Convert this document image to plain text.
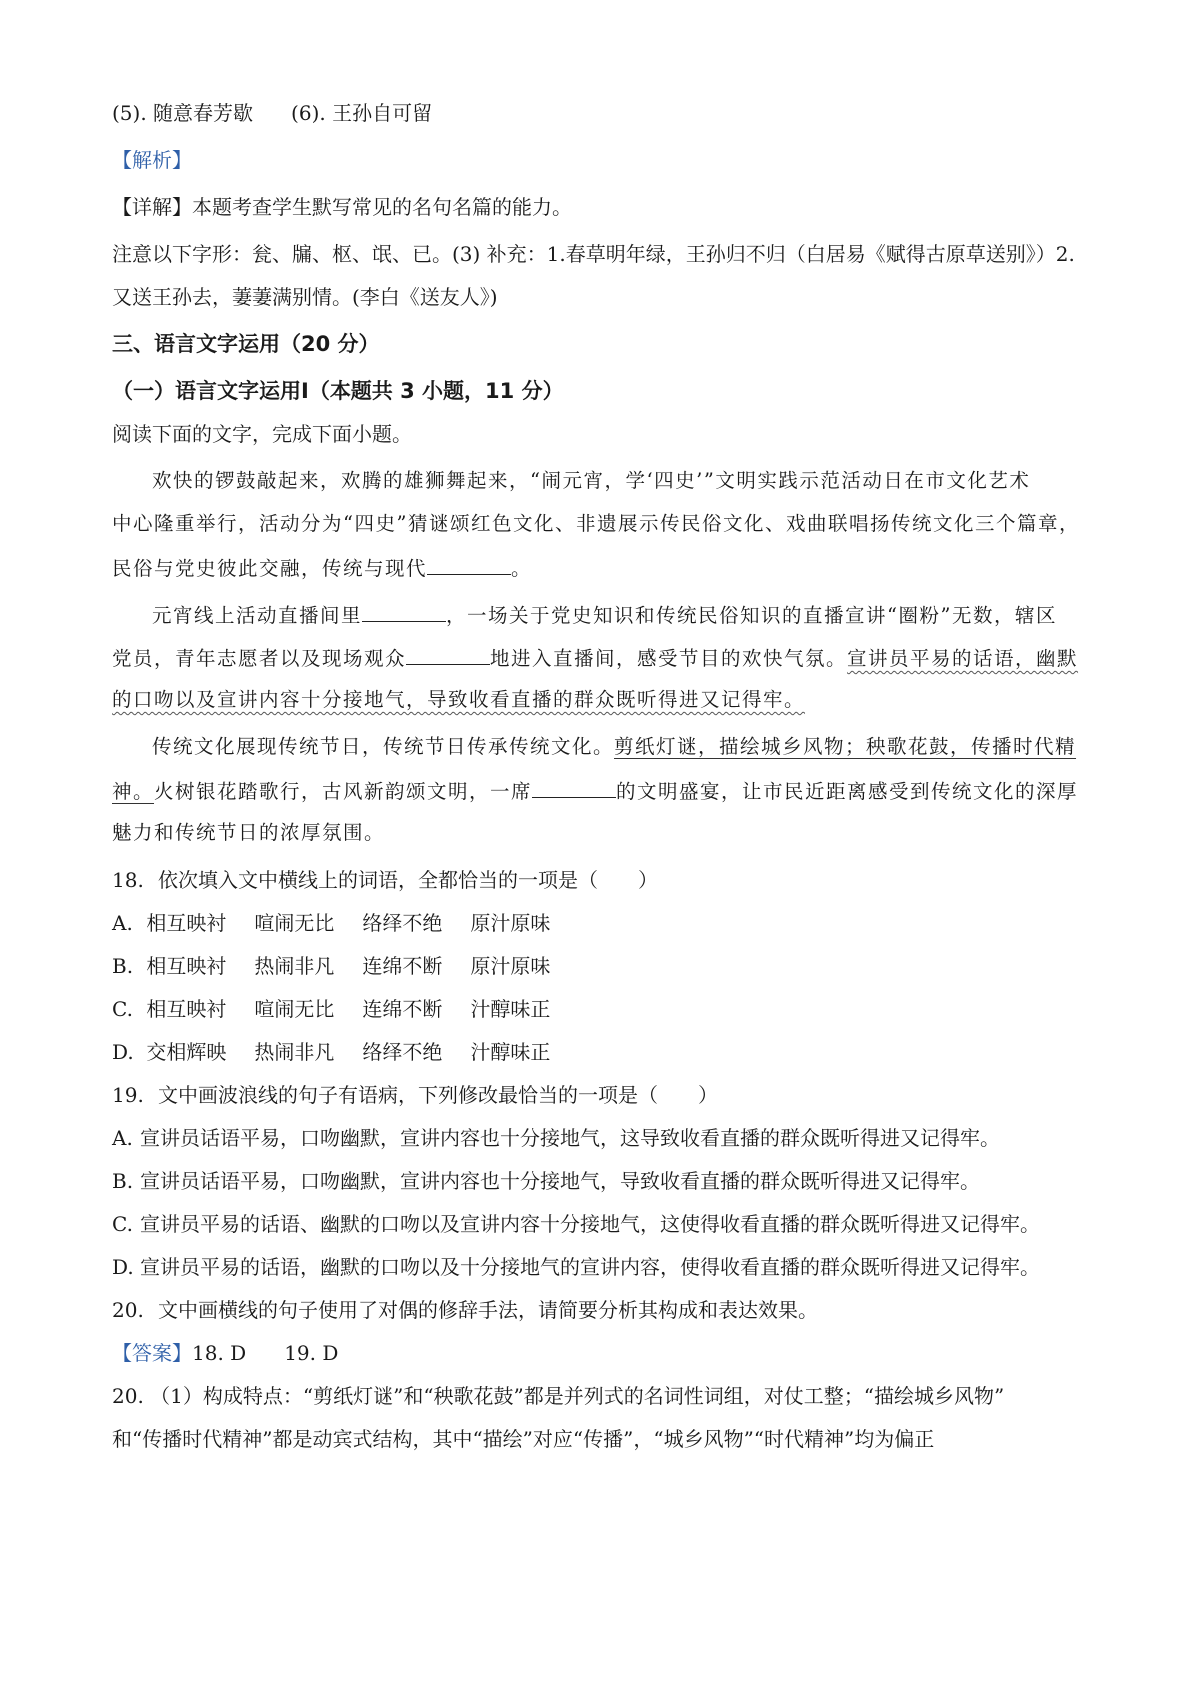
(5). 随意春芳歇 (6). 王孙自可留
【解析】
【详解】本题考查学生默写常见的名句名篇的能力。
注意以下字形：瓮、牖、枢、氓、已。(3) 补充：1.春草明年绿，王孙归不归（白居易《赋得古原草送别》）2.
又送王孙去，萋萋满别情。(李白《送友人》)
三、语言文字运用（20 分）
（一）语言文字运用Ⅰ（本题共 3 小题，11 分）
阅读下面的文字，完成下面小题。
欢快的锣鼓敲起来，欢腾的雄狮舞起来，“闹元宵，学‘四史’”文明实践示范活动日在市文化艺术
中心隆重举行，活动分为“四史”猜谜颂红色文化、非遗展示传民俗文化、戏曲联唱扬传统文化三个篇章，
民俗与党史彼此交融，传统与现代	。
元宵线上活动直播间里	，一场关于党史知识和传统民俗知识的直播宣讲“圈粉”无数，辖区
党员，青年志愿者以及现场观众	地进入直播间，感受节目的欢快气氛。宣讲员平易的话语，幽默
的口吻以及宣讲内容十分接地气，导致收看直播的群众既听得进又记得牢。
传统文化展现传统节日，传统节日传承传统文化。剪纸灯谜，描绘城乡风物；秧歌花鼓，传播时代精
神。火树银花踏歌行，古风新韵颂文明，一席	的文明盛宴，让市民近距离感受到传统文化的深厚
魅力和传统节日的浓厚氛围。
18. 依次填入文中横线上的词语，全都恰当的一项是（　　）
A. 相互映衬 喧闹无比 络绎不绝 原汁原味
B. 相互映衬 热闹非凡 连绵不断 原汁原味
C. 相互映衬 喧闹无比 连绵不断 汁醇味正
D. 交相辉映 热闹非凡 络绎不绝 汁醇味正
19. 文中画波浪线的句子有语病，下列修改最恰当的一项是（　　）
A. 宣讲员话语平易，口吻幽默，宣讲内容也十分接地气，这导致收看直播的群众既听得进又记得牢。
B. 宣讲员话语平易，口吻幽默，宣讲内容也十分接地气，导致收看直播的群众既听得进又记得牢。
C. 宣讲员平易的话语、幽默的口吻以及宣讲内容十分接地气，这使得收看直播的群众既听得进又记得牢。
D. 宣讲员平易的话语，幽默的口吻以及十分接地气的宣讲内容，使得收看直播的群众既听得进又记得牢。
20. 文中画横线的句子使用了对偶的修辞手法，请简要分析其构成和表达效果。
【答案】18. D 19. D
20. （1）构成特点：“剪纸灯谜”和“秧歌花鼓”都是并列式的名词性词组，对仗工整；“描绘城乡风物”
和“传播时代精神”都是动宾式结构，其中“描绘”对应“传播”，“城乡风物”“时代精神”均为偏正
